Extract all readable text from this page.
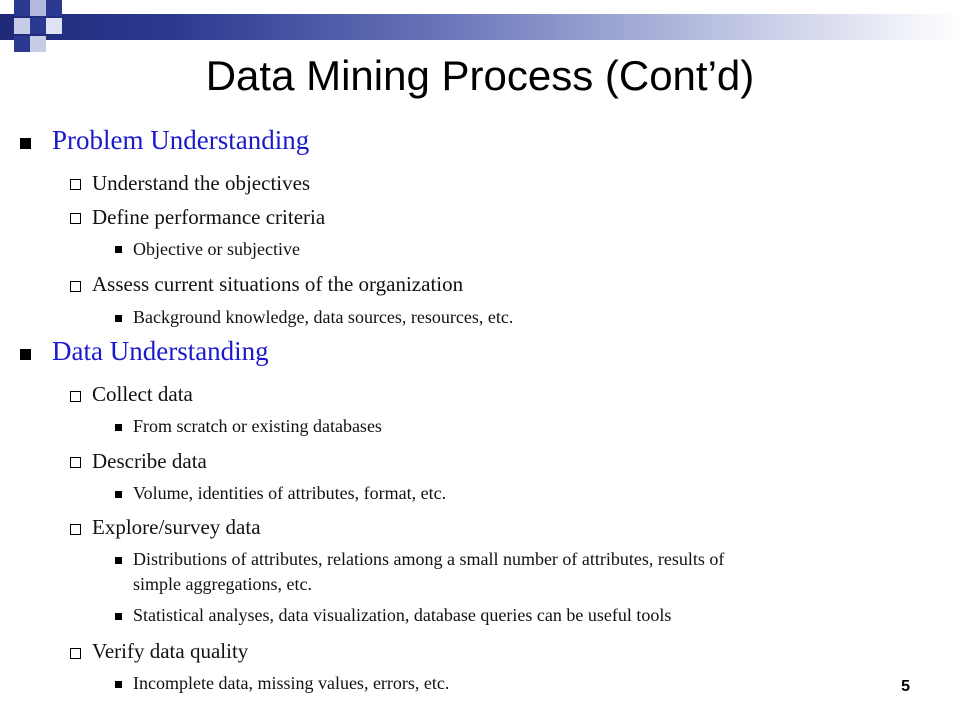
Data Mining Process (Cont’d)
Problem Understanding
Understand the objectives
Define performance criteria
Objective or subjective
Assess current situations of the organization
Background knowledge, data sources, resources, etc.
Data Understanding
Collect data
From scratch or existing databases
Describe data
Volume, identities of attributes, format, etc.
Explore/survey data
Distributions of attributes, relations among a small number of attributes, results of
simple aggregations, etc.
Statistical analyses, data visualization, database queries can be useful tools
Verify data quality
Incomplete data, missing values, errors, etc.	5
